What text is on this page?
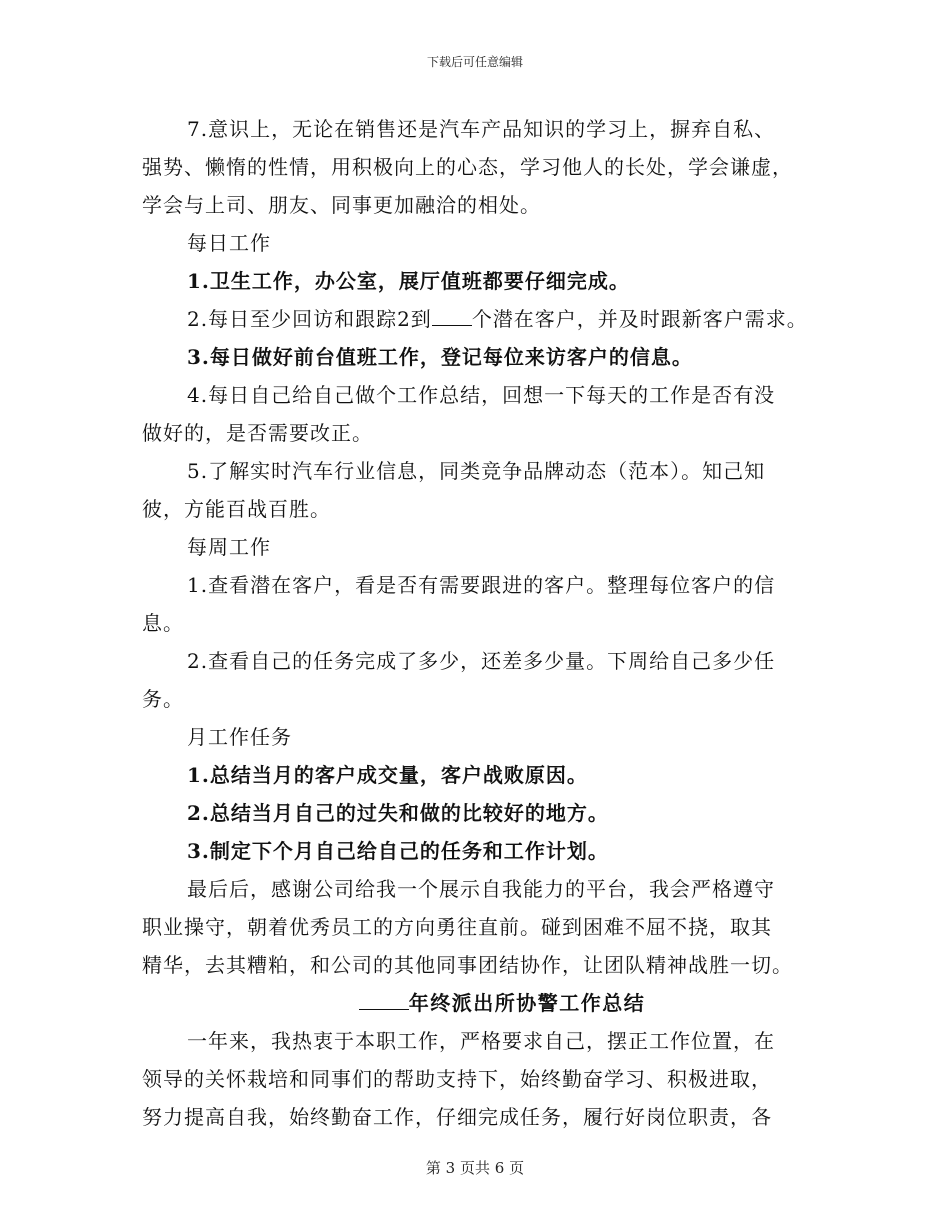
下载后可任意编辑
7.意识上，无论在销售还是汽车产品知识的学习上，摒弃自私、
强势、懒惰的性情，用积极向上的心态，学习他人的长处，学会谦虚，
学会与上司、朋友、同事更加融洽的相处。
每日工作
1.卫生工作，办公室，展厅值班都要仔细完成。
2.每日至少回访和跟踪2到 个潜在客户，并及时跟新客户需求。
3.每日做好前台值班工作，登记每位来访客户的信息。
4.每日自己给自己做个工作总结，回想一下每天的工作是否有没
做好的，是否需要改正。
5.了解实时汽车行业信息，同类竞争品牌动态（范本）。知己知
彼，方能百战百胜。
每周工作
1.查看潜在客户，看是否有需要跟进的客户。整理每位客户的信
息。
2.查看自己的任务完成了多少，还差多少量。下周给自己多少任
务。
月工作任务
1.总结当月的客户成交量，客户战败原因。
2.总结当月自己的过失和做的比较好的地方。
3.制定下个月自己给自己的任务和工作计划。
最后后，感谢公司给我一个展示自我能力的平台，我会严格遵守
职业操守，朝着优秀员工的方向勇往直前。碰到困难不屈不挠，取其
精华，去其糟粕，和公司的其他同事团结协作，让团队精神战胜一切。
年终派出所协警工作总结
一年来，我热衷于本职工作，严格要求自己，摆正工作位置，在
领导的关怀栽培和同事们的帮助支持下，始终勤奋学习、积极进取，
努力提高自我，始终勤奋工作，仔细完成任务，履行好岗位职责，各
第 3 页共 6 页
